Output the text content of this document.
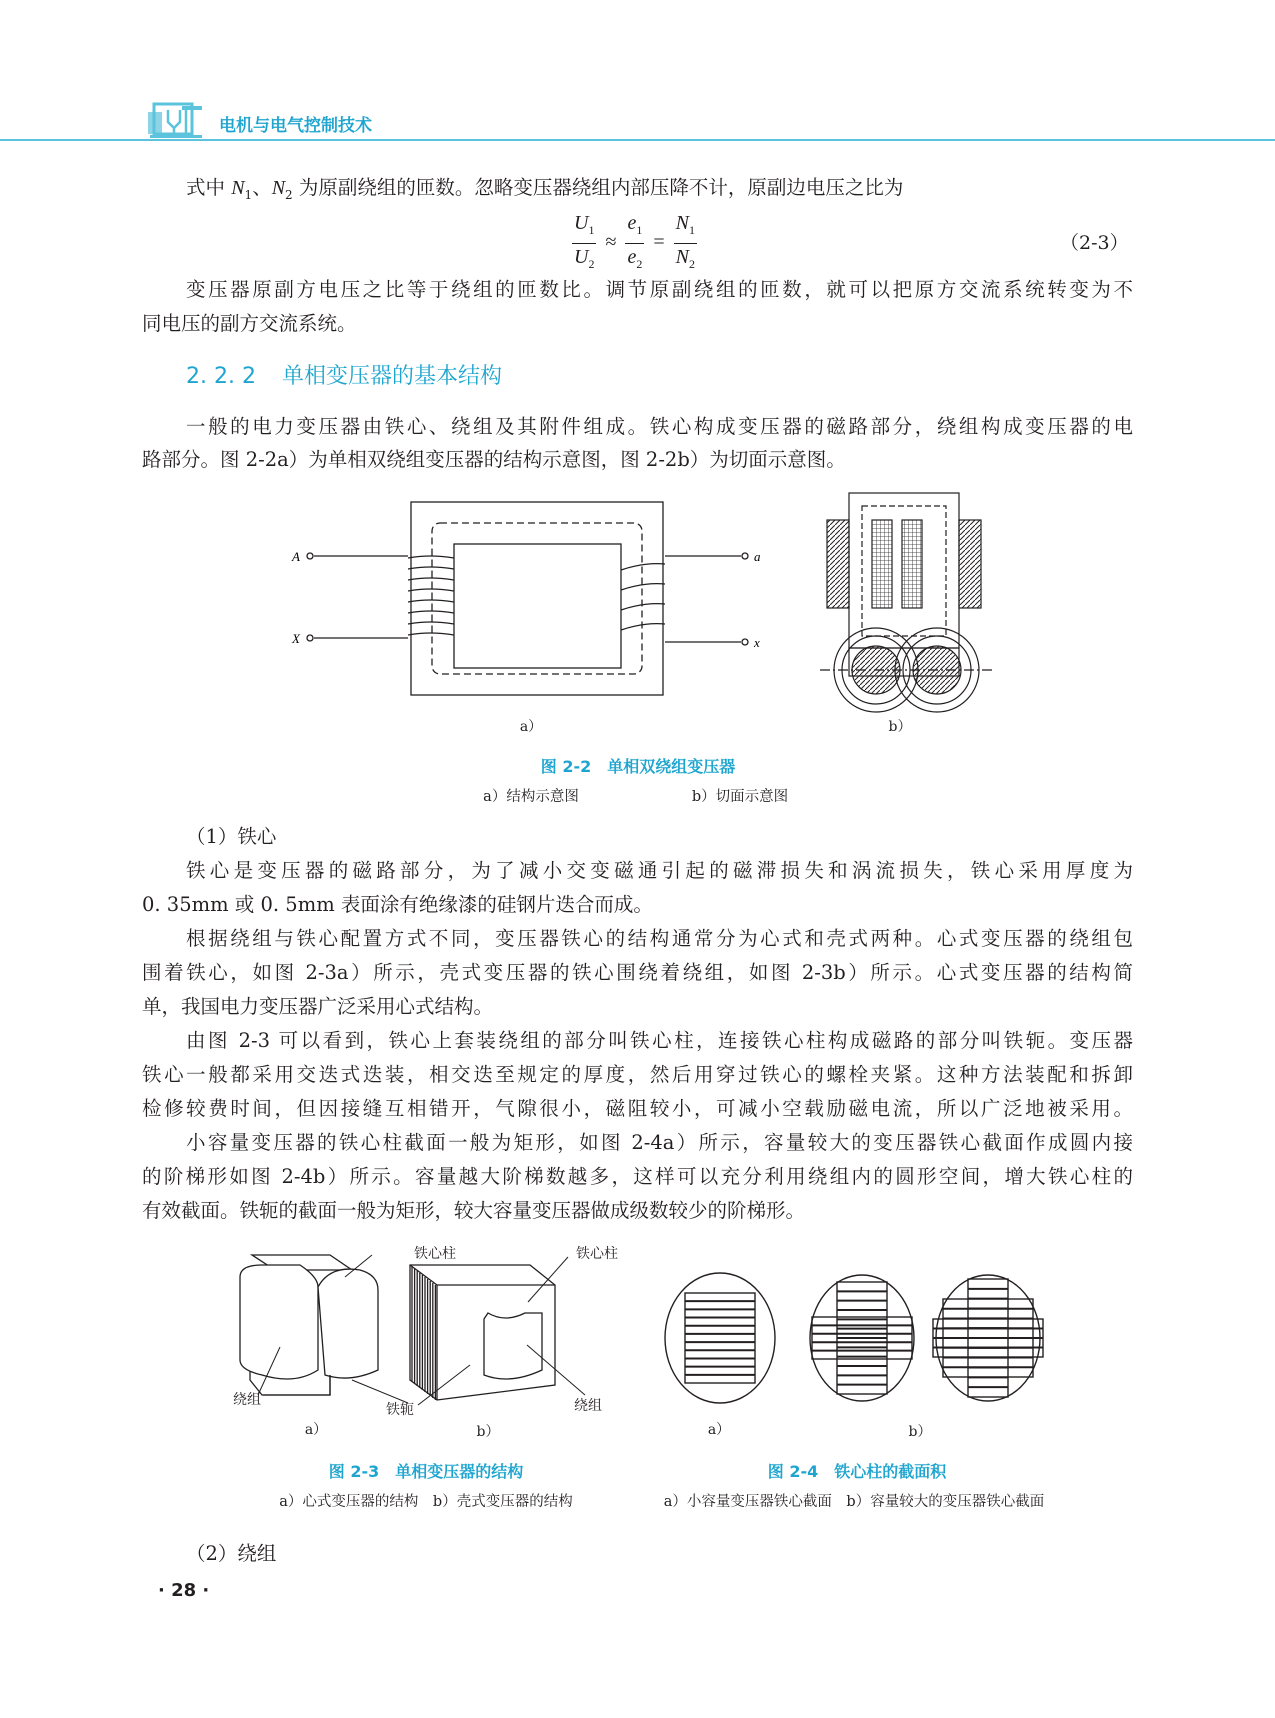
电机与电气控制技术
式中 $N_1$、$N_2$ 为原副绕组的匝数。忽略变压器绕组内部压降不计，原副边电压之比为
$\frac{U_1}{U_2} \approx \frac{e_1}{e_2} = \frac{N_1}{N_2}$	（2-3）
变压器原副方电压之比等于绕组的匝数比。调节原副绕组的匝数，就可以把原方交流系统转变为不
同电压的副方交流系统。
2. 2. 2 单相变压器的基本结构
一般的电力变压器由铁心、绕组及其附件组成。铁心构成变压器的磁路部分，绕组构成变压器的电
路部分。图 2-2a）为单相双绕组变压器的结构示意图，图 2-2b）为切面示意图。
A
X
a
x
a）	b）
图 2-2　单相双绕组变压器
a）结构示意图	b）切面示意图
（1）铁心
铁心是变压器的磁路部分，为了减小交变磁通引起的磁滞损失和涡流损失，铁心采用厚度为
0. 35mm 或 0. 5mm 表面涂有绝缘漆的硅钢片迭合而成。
根据绕组与铁心配置方式不同，变压器铁心的结构通常分为心式和壳式两种。心式变压器的绕组包
围着铁心，如图 2-3a）所示，壳式变压器的铁心围绕着绕组，如图 2-3b）所示。心式变压器的结构简
单，我国电力变压器广泛采用心式结构。
由图 2-3 可以看到，铁心上套装绕组的部分叫铁心柱，连接铁心柱构成磁路的部分叫铁轭。变压器
铁心一般都采用交迭式迭装，相交迭至规定的厚度，然后用穿过铁心的螺栓夹紧。这种方法装配和拆卸
检修较费时间，但因接缝互相错开，气隙很小，磁阻较小，可减小空载励磁电流，所以广泛地被采用。
小容量变压器的铁心柱截面一般为矩形，如图 2-4a）所示，容量较大的变压器铁心截面作成圆内接
的阶梯形如图 2-4b）所示。容量越大阶梯数越多，这样可以充分利用绕组内的圆形空间，增大铁心柱的
有效截面。铁轭的截面一般为矩形，较大容量变压器做成级数较少的阶梯形。
铁心柱	铁心柱
绕组
铁轭	绕组
a）	b）	a）	b）
图 2-3　单相变压器的结构	图 2-4　铁心柱的截面积
a）心式变压器的结构　b）壳式变压器的结构	a）小容量变压器铁心截面　b）容量较大的变压器铁心截面
（2）绕组
· 28 ·
